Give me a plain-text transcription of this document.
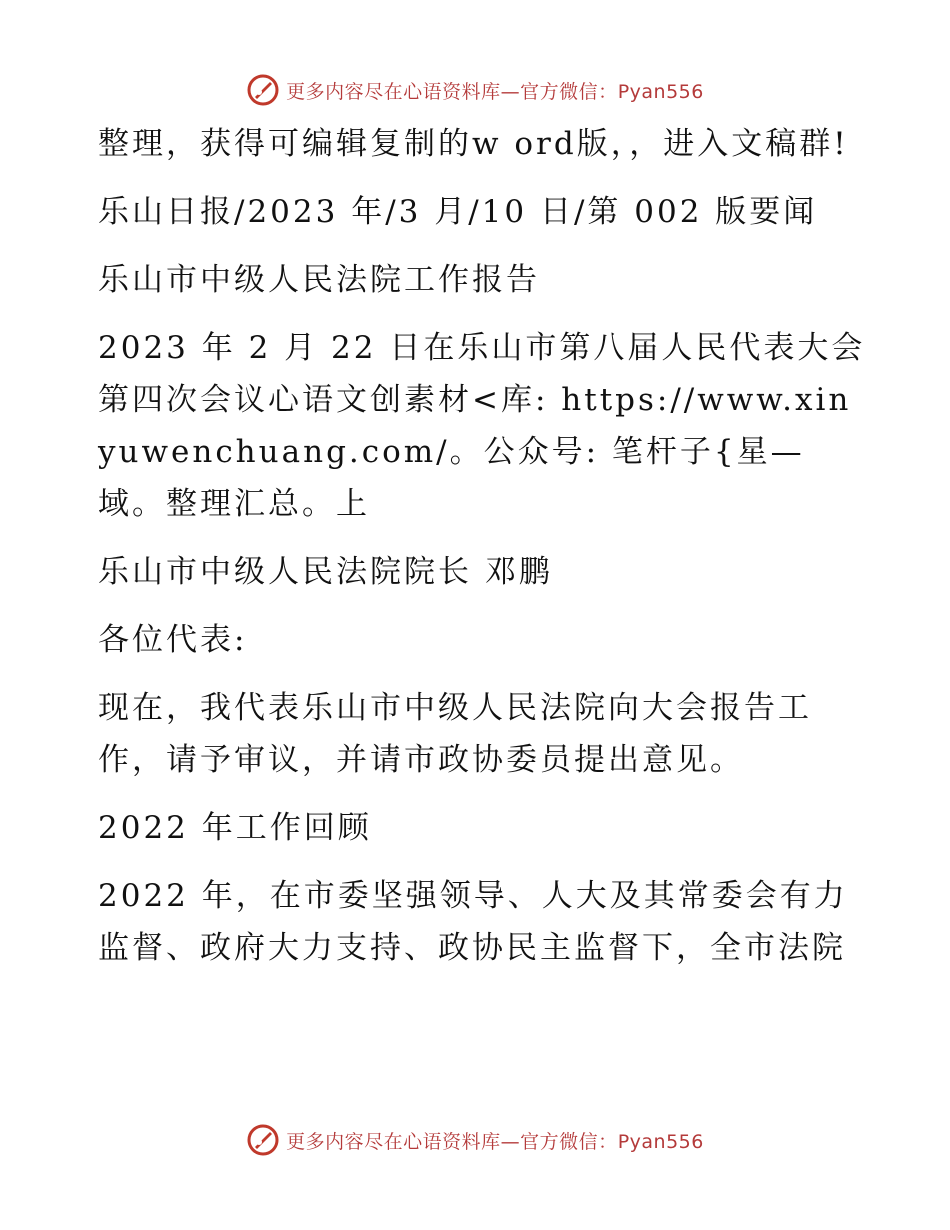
更多内容尽在心语资料库—官方微信：Pyan556

整理，获得可编辑复制的w ord版，，进入文稿群!

乐山日报/2023 年/3 月/10 日/第 002 版要闻

乐山市中级人民法院工作报告

2023 年 2 月 22 日在乐山市第八届人民代表大会第四次会议心语文创素材<库: https://www.xinyuwenchuang.com/。公众号: 笔杆子{星—域。整理汇总。上

乐山市中级人民法院院长 邓鹏

各位代表:

现在，我代表乐山市中级人民法院向大会报告工作，请予审议，并请市政协委员提出意见。

2022 年工作回顾

2022 年，在市委坚强领导、人大及其常委会有力监督、政府大力支持、政协民主监督下，全市法院

更多内容尽在心语资料库—官方微信：Pyan556
